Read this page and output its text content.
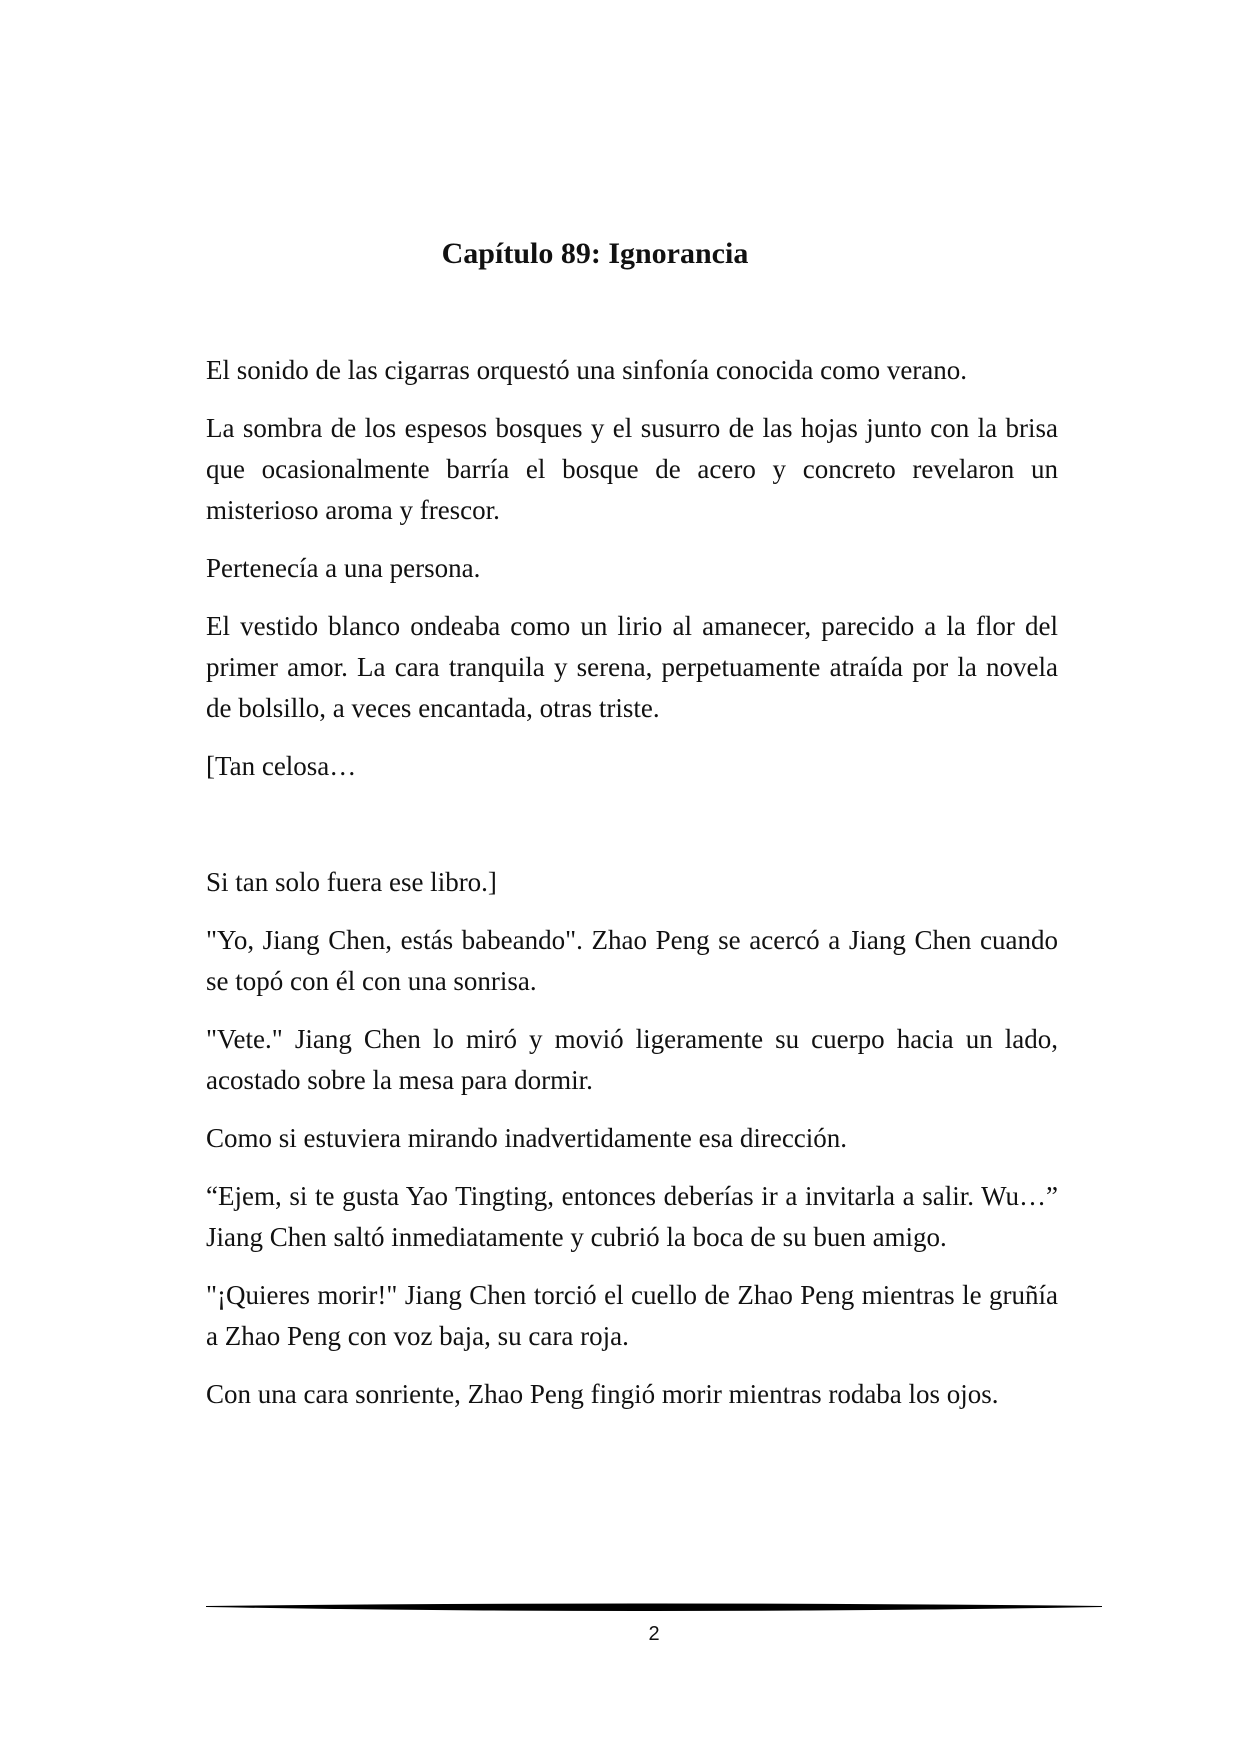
Capítulo 89: Ignorancia

El sonido de las cigarras orquestó una sinfonía conocida como verano.

La sombra de los espesos bosques y el susurro de las hojas junto con la brisa que ocasionalmente barría el bosque de acero y concreto revelaron un misterioso aroma y frescor.

Pertenecía a una persona.

El vestido blanco ondeaba como un lirio al amanecer, parecido a la flor del primer amor. La cara tranquila y serena, perpetuamente atraída por la novela de bolsillo, a veces encantada, otras triste.

[Tan celosa…

Si tan solo fuera ese libro.]

"Yo, Jiang Chen, estás babeando". Zhao Peng se acercó a Jiang Chen cuando se topó con él con una sonrisa.

"Vete." Jiang Chen lo miró y movió ligeramente su cuerpo hacia un lado, acostado sobre la mesa para dormir.

Como si estuviera mirando inadvertidamente esa dirección.

“Ejem, si te gusta Yao Tingting, entonces deberías ir a invitarla a salir. Wu…” Jiang Chen saltó inmediatamente y cubrió la boca de su buen amigo.

"¡Quieres morir!" Jiang Chen torció el cuello de Zhao Peng mientras le gruñía a Zhao Peng con voz baja, su cara roja.

Con una cara sonriente, Zhao Peng fingió morir mientras rodaba los ojos.

2
